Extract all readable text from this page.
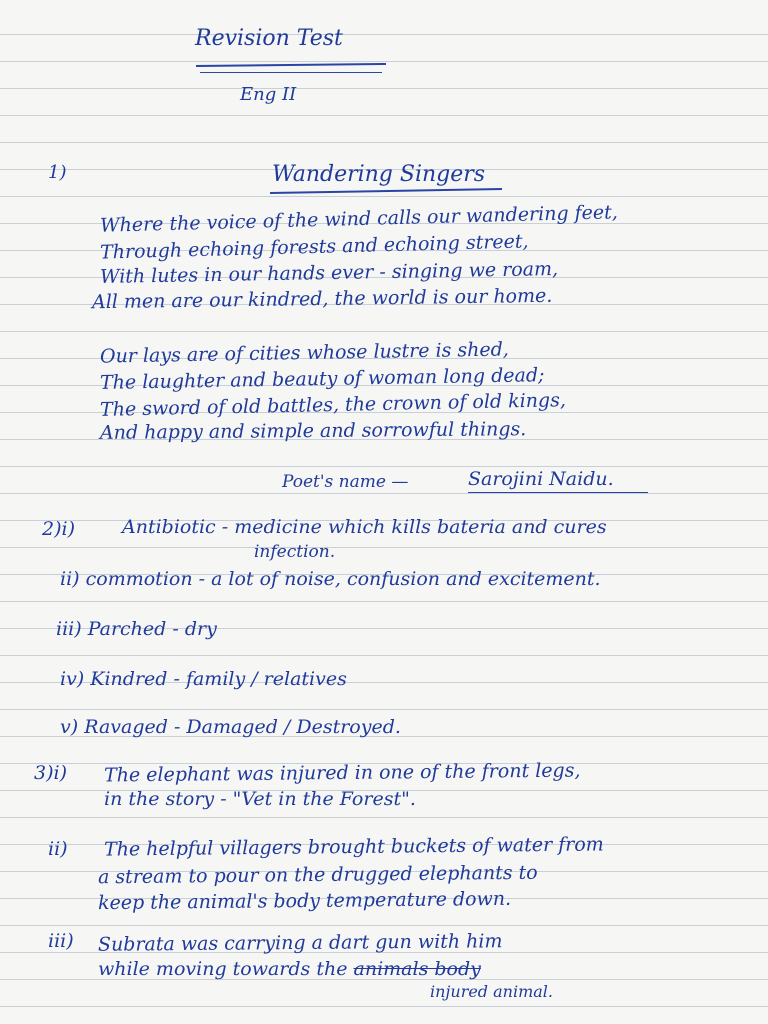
Revision Test
Eng II
1)	Wandering Singers
Where the voice of the wind calls our wandering feet,
Through echoing forests and echoing street,
With lutes in our hands ever - singing we roam,
All men are our kindred, the world is our home.
Our lays are of cities whose lustre is shed,
The laughter and beauty of woman long dead;
The sword of old battles, the crown of old kings,
And happy and simple and sorrowful things.
Poet's name —	Sarojini Naidu.
2)i) Antibiotic - medicine which kills bateria and cures
infection.
ii) commotion - a lot of noise, confusion and excitement.
iii) Parched - dry
iv) Kindred - family / relatives
v) Ravaged - Damaged / Destroyed.
3)i) The elephant was injured in one of the front legs,
in the story - "Vet in the Forest".
ii) The helpful villagers brought buckets of water from
a stream to pour on the drugged elephants to
keep the animal's body temperature down.
iii) Subrata was carrying a dart gun with him
while moving towards the animals body
injured animal.
